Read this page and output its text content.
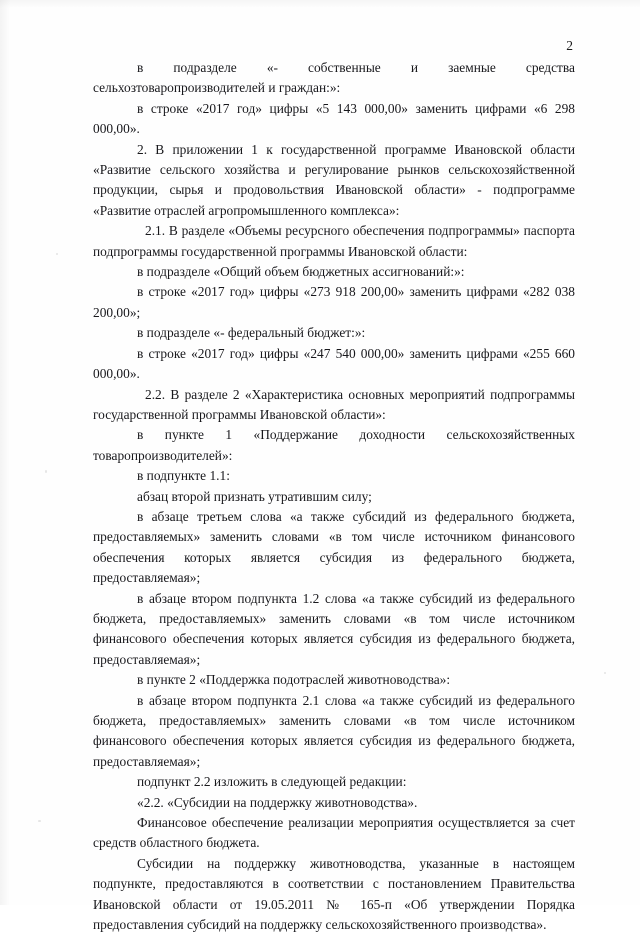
2

в подразделе «- собственные и заемные средства сельхозтоваропроизводителей и граждан:»:

в строке «2017 год» цифры «5 143 000,00» заменить цифрами «6 298 000,00».

2. В приложении 1 к государственной программе Ивановской области «Развитие сельского хозяйства и регулирование рынков сельскохозяйственной продукции, сырья и продовольствия Ивановской области» - подпрограмме «Развитие отраслей агропромышленного комплекса»:

2.1. В разделе «Объемы ресурсного обеспечения подпрограммы» паспорта подпрограммы государственной программы Ивановской области:

в подразделе «Общий объем бюджетных ассигнований:»:

в строке «2017 год» цифры «273 918 200,00» заменить цифрами «282 038 200,00»;

в подразделе «- федеральный бюджет:»:

в строке «2017 год» цифры «247 540 000,00» заменить цифрами «255 660 000,00».

2.2. В разделе 2 «Характеристика основных мероприятий подпрограммы государственной программы Ивановской области»:

в пункте 1 «Поддержание доходности сельскохозяйственных товаропроизводителей»:

в подпункте 1.1:

абзац второй признать утратившим силу;

в абзаце третьем слова «а также субсидий из федерального бюджета, предоставляемых» заменить словами «в том числе источником финансового обеспечения которых является субсидия из федерального бюджета, предоставляемая»;

в абзаце втором подпункта 1.2 слова «а также субсидий из федерального бюджета, предоставляемых» заменить словами «в том числе источником финансового обеспечения которых является субсидия из федерального бюджета, предоставляемая»;

в пункте 2 «Поддержка подотраслей животноводства»:

в абзаце втором подпункта 2.1 слова «а также субсидий из федерального бюджета, предоставляемых» заменить словами «в том числе источником финансового обеспечения которых является субсидия из федерального бюджета, предоставляемая»;

подпункт 2.2 изложить в следующей редакции:

«2.2. «Субсидии на поддержку животноводства».

Финансовое обеспечение реализации мероприятия осуществляется за счет средств областного бюджета.

Субсидии на поддержку животноводства, указанные в настоящем подпункте, предоставляются в соответствии с постановлением Правительства Ивановской области от 19.05.2011 № 165-п «Об утверждении Порядка предоставления субсидий на поддержку сельскохозяйственного производства».
